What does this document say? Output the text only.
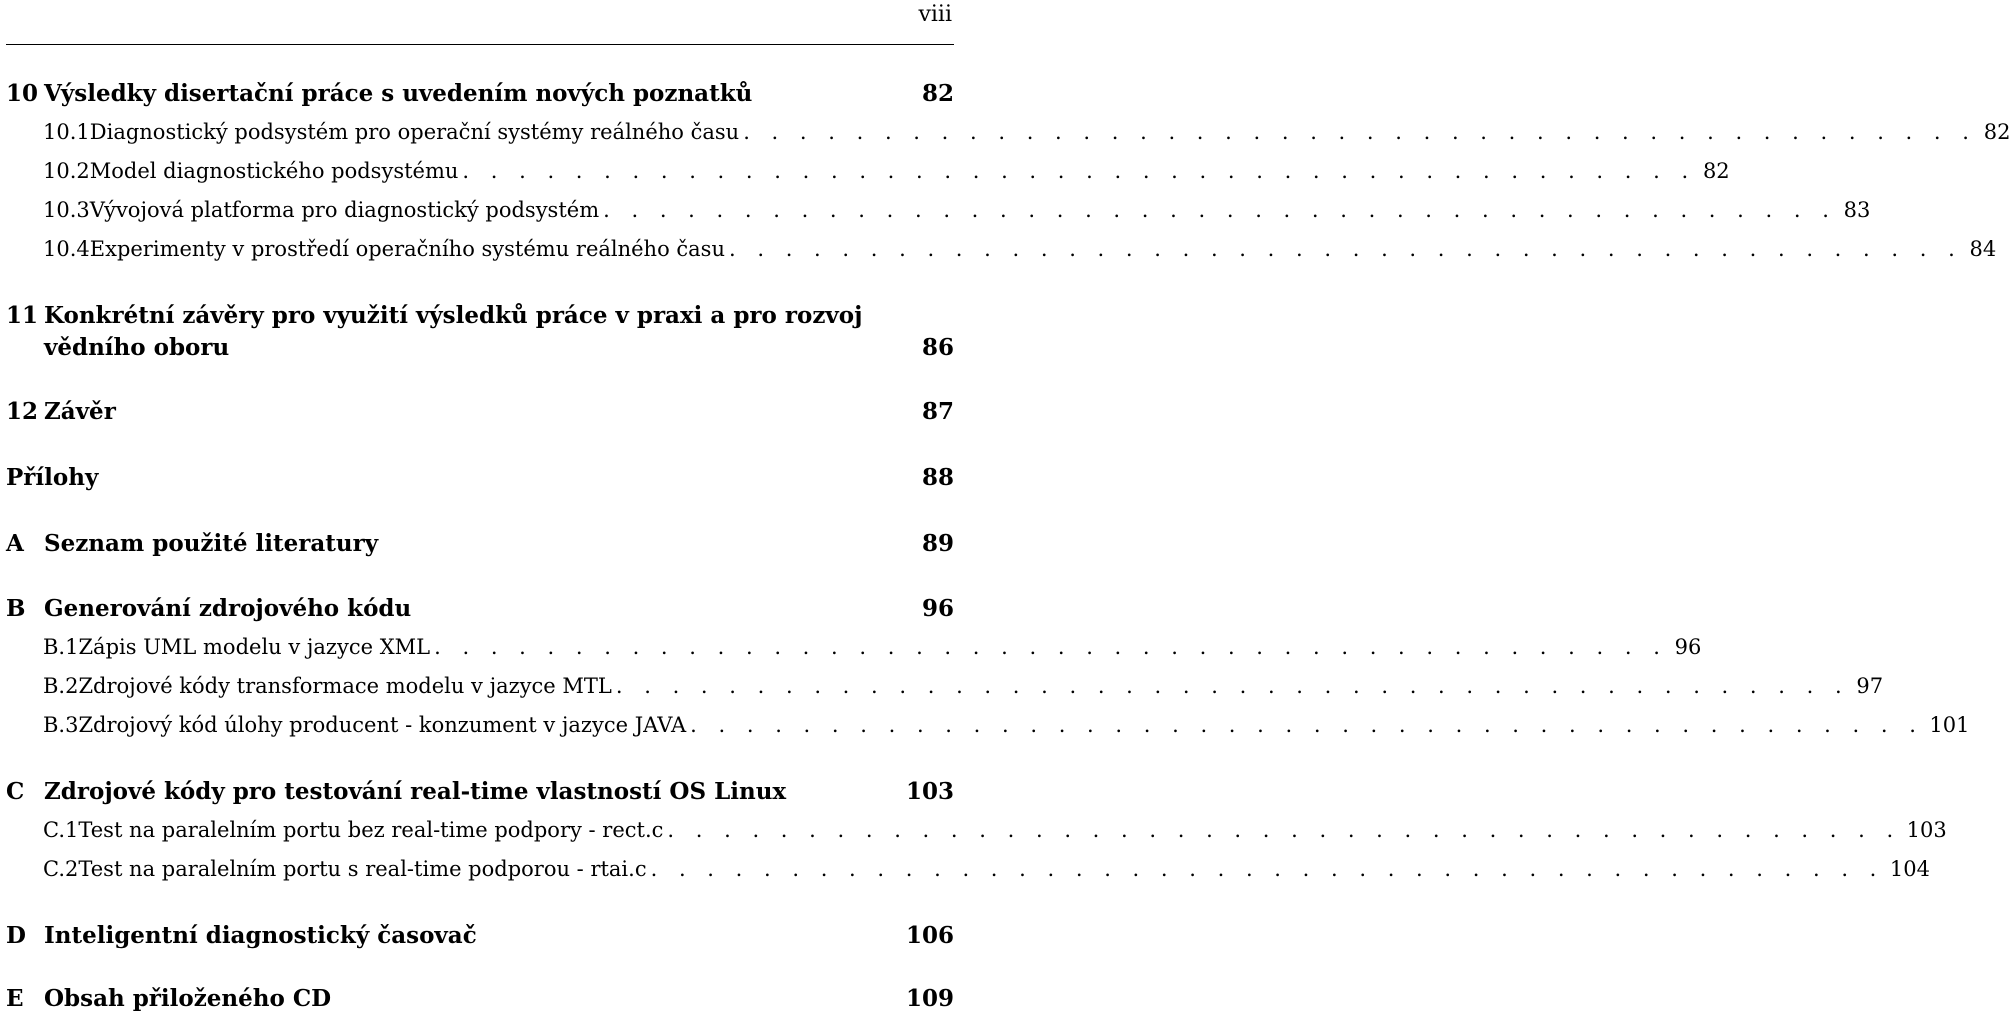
viii
10 Výsledky disertační práce s uvedením nových poznatků	82
10.1 Diagnostický podsystém pro operační systémy reálného času . . . . . . . . . . . . . . . . . . . . . . . . . . . . . . . . . . . . . . . . . . . . 82
10.2 Model diagnostického podsystému . . . . . . . . . . . . . . . . . . . . . . . . . . . . . . . . . . . . . . . . . . . . 82
10.3 Vývojová platforma pro diagnostický podsystém . . . . . . . . . . . . . . . . . . . . . . . . . . . . . . . . . . . . . . . . . . . . 83
10.4 Experimenty v prostředí operačního systému reálného času . . . . . . . . . . . . . . . . . . . . . . . . . . . . . . . . . . . . . . . . . . . . 84
11 Konkrétní závěry pro využití výsledků práce v praxi a pro rozvoj
vědního oboru	86
12 Závěr	87
Přílohy	88
A Seznam použité literatury	89
B Generování zdrojového kódu	96
B.1 Zápis UML modelu v jazyce XML . . . . . . . . . . . . . . . . . . . . . . . . . . . . . . . . . . . . . . . . . . . . 96
B.2 Zdrojové kódy transformace modelu v jazyce MTL . . . . . . . . . . . . . . . . . . . . . . . . . . . . . . . . . . . . . . . . . . . . 97
B.3 Zdrojový kód úlohy producent - konzument v jazyce JAVA . . . . . . . . . . . . . . . . . . . . . . . . . . . . . . . . . . . . . . . . . . . . 101
C Zdrojové kódy pro testování real-time vlastností OS Linux	103
C.1 Test na paralelním portu bez real-time podpory - rect.c . . . . . . . . . . . . . . . . . . . . . . . . . . . . . . . . . . . . . . . . . . . . 103
C.2 Test na paralelním portu s real-time podporou - rtai.c . . . . . . . . . . . . . . . . . . . . . . . . . . . . . . . . . . . . . . . . . . . . 104
D Inteligentní diagnostický časovač	106
E Obsah přiloženého CD	109
